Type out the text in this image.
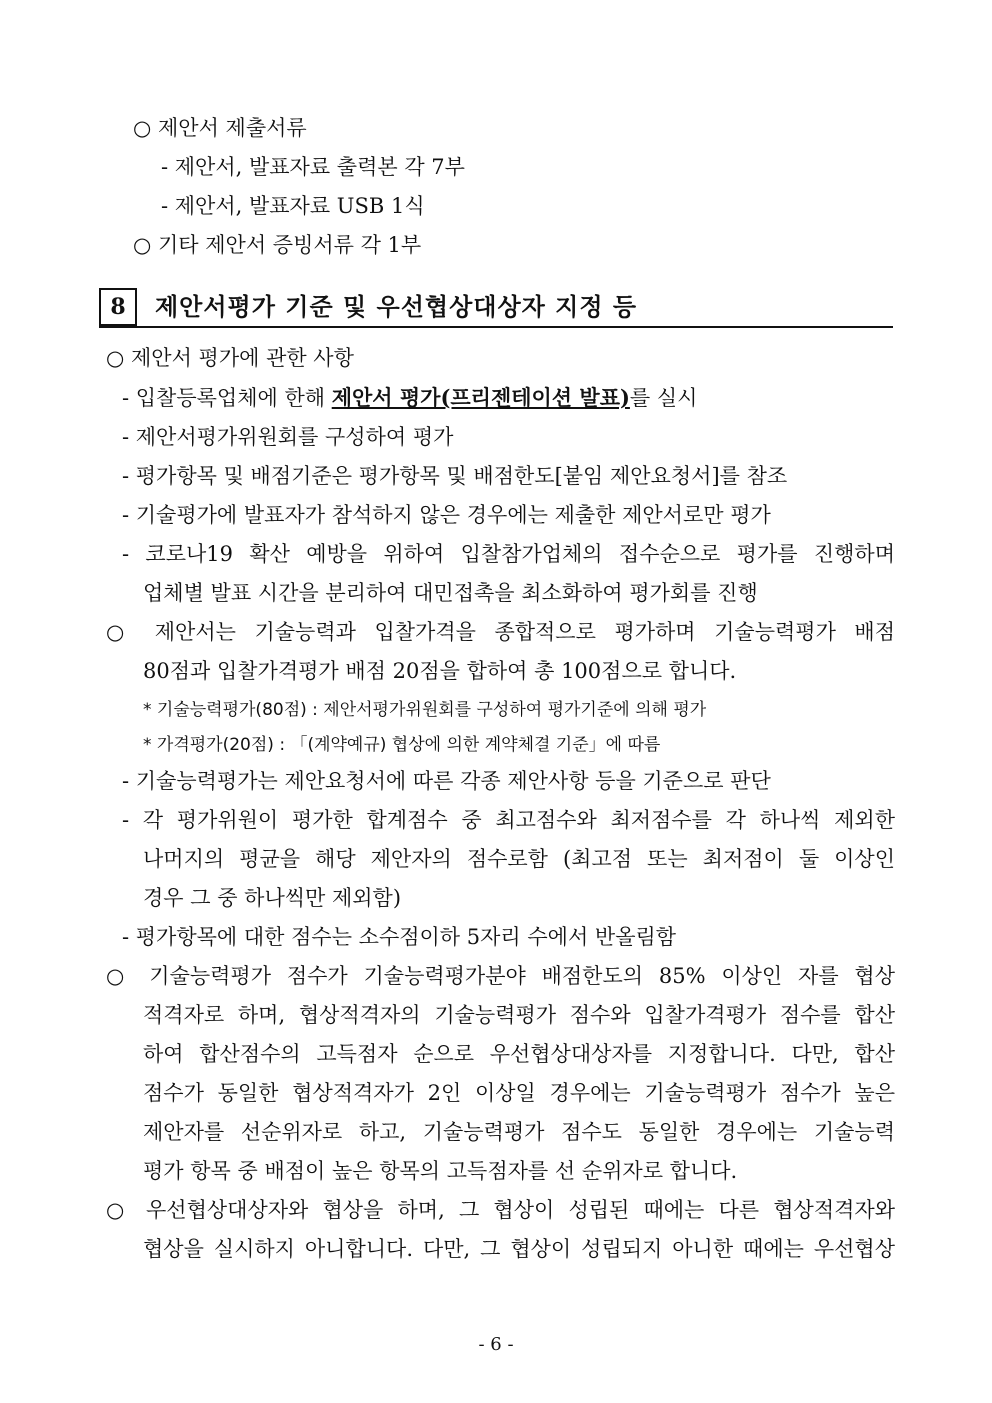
○ 제안서 제출서류
- 제안서, 발표자료 출력본 각 7부
- 제안서, 발표자료 USB 1식
○ 기타 제안서 증빙서류 각 1부
8	제안서평가 기준 및 우선협상대상자 지정 등
○ 제안서 평가에 관한 사항
- 입찰등록업체에 한해 제안서 평가(프리젠테이션 발표)를 실시
- 제안서평가위원회를 구성하여 평가
- 평가항목 및 배점기준은 평가항목 및 배점한도[붙임 제안요청서]를 참조
- 기술평가에 발표자가 참석하지 않은 경우에는 제출한 제안서로만 평가
- 코로나19 확산 예방을 위하여 입찰참가업체의 접수순으로 평가를 진행하며
업체별 발표 시간을 분리하여 대민접촉을 최소화하여 평가회를 진행
○ 제안서는 기술능력과 입찰가격을 종합적으로 평가하며 기술능력평가 배점
80점과 입찰가격평가 배점 20점을 합하여 총 100점으로 합니다.
* 기술능력평가(80점) : 제안서평가위원회를 구성하여 평가기준에 의해 평가
* 가격평가(20점) : 「(계약예규) 협상에 의한 계약체결 기준」에 따름
- 기술능력평가는 제안요청서에 따른 각종 제안사항 등을 기준으로 판단
- 각 평가위원이 평가한 합계점수 중 최고점수와 최저점수를 각 하나씩 제외한
나머지의 평균을 해당 제안자의 점수로함 (최고점 또는 최저점이 둘 이상인
경우 그 중 하나씩만 제외함)
- 평가항목에 대한 점수는 소수점이하 5자리 수에서 반올림함
○ 기술능력평가 점수가 기술능력평가분야 배점한도의 85% 이상인 자를 협상
적격자로 하며, 협상적격자의 기술능력평가 점수와 입찰가격평가 점수를 합산
하여 합산점수의 고득점자 순으로 우선협상대상자를 지정합니다. 다만, 합산
점수가 동일한 협상적격자가 2인 이상일 경우에는 기술능력평가 점수가 높은
제안자를 선순위자로 하고, 기술능력평가 점수도 동일한 경우에는 기술능력
평가 항목 중 배점이 높은 항목의 고득점자를 선 순위자로 합니다.
○ 우선협상대상자와 협상을 하며, 그 협상이 성립된 때에는 다른 협상적격자와
협상을 실시하지 아니합니다. 다만, 그 협상이 성립되지 아니한 때에는 우선협상
- 6 -
